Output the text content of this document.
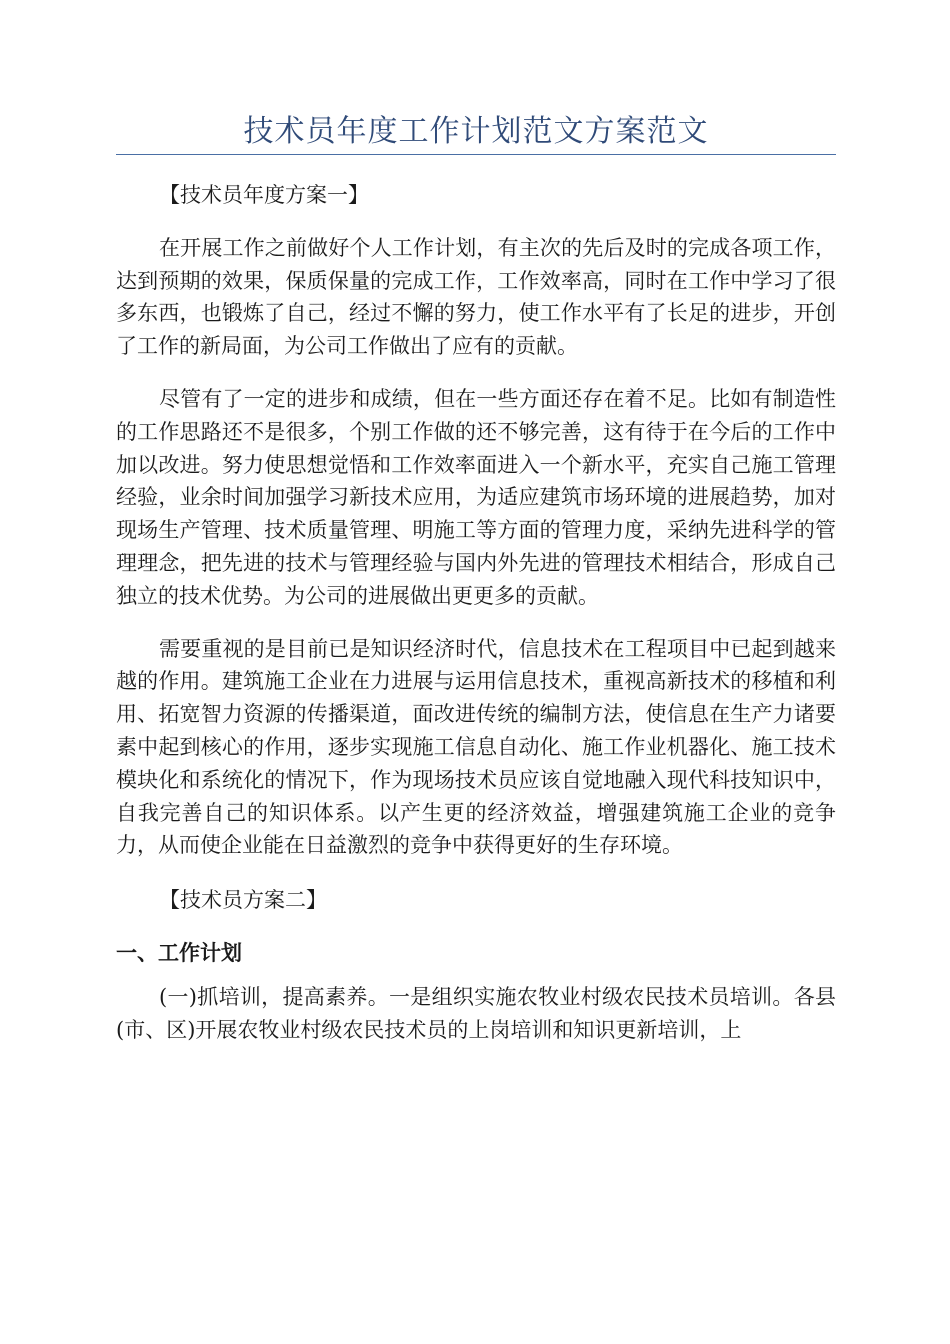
技术员年度工作计划范文方案范文

【技术员年度方案一】

在开展工作之前做好个人工作计划，有主次的先后及时的完成各项工作，达到预期的效果，保质保量的完成工作，工作效率高，同时在工作中学习了很多东西，也锻炼了自己，经过不懈的努力，使工作水平有了长足的进步，开创了工作的新局面，为公司工作做出了应有的贡献。

尽管有了一定的进步和成绩，但在一些方面还存在着不足。比如有制造性的工作思路还不是很多，个别工作做的还不够完善，这有待于在今后的工作中加以改进。努力使思想觉悟和工作效率面进入一个新水平，充实自己施工管理经验，业余时间加强学习新技术应用，为适应建筑市场环境的进展趋势，加对现场生产管理、技术质量管理、明施工等方面的管理力度，采纳先进科学的管理理念，把先进的技术与管理经验与国内外先进的管理技术相结合，形成自己独立的技术优势。为公司的进展做出更更多的贡献。

需要重视的是目前已是知识经济时代，信息技术在工程项目中已起到越来越的作用。建筑施工企业在力进展与运用信息技术，重视高新技术的移植和利用、拓宽智力资源的传播渠道，面改进传统的编制方法，使信息在生产力诸要素中起到核心的作用，逐步实现施工信息自动化、施工作业机器化、施工技术模块化和系统化的情况下，作为现场技术员应该自觉地融入现代科技知识中，自我完善自己的知识体系。以产生更的经济效益，增强建筑施工企业的竞争力，从而使企业能在日益激烈的竞争中获得更好的生存环境。

【技术员方案二】

一、工作计划

(一)抓培训，提高素养。一是组织实施农牧业村级农民技术员培训。各县(市、区)开展农牧业村级农民技术员的上岗培训和知识更新培训，上
